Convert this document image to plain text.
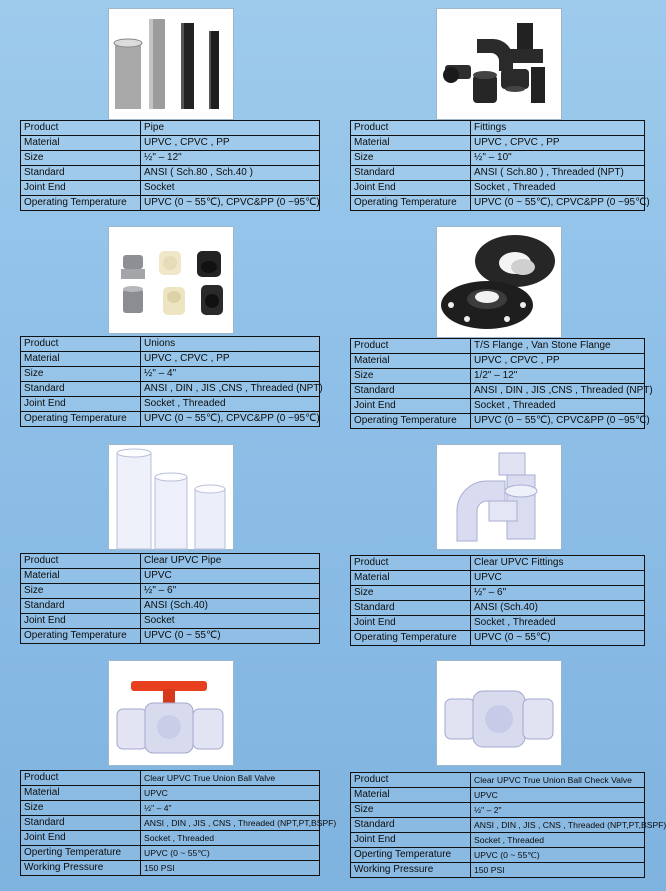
Product	Pipe
Material	UPVC , CPVC , PP
Size	½" – 12"
Standard	ANSI ( Sch.80 , Sch.40 )
Joint End	Socket
Operating Temperature	UPVC (0 ~ 55℃), CPVC&PP (0 ~95℃)
Product	Fittings
Material	UPVC , CPVC , PP
Size	½" – 10"
Standard	ANSI ( Sch.80 ) , Threaded (NPT)
Joint End	Socket , Threaded
Operating Temperature	UPVC (0 ~ 55℃), CPVC&PP (0 ~95℃)
Product	Unions
Material	UPVC , CPVC , PP
Size	½" – 4"
Standard	ANSI , DIN , JIS ,CNS , Threaded (NPT)
Joint End	Socket , Threaded
Operating Temperature	UPVC (0 ~ 55℃), CPVC&PP (0 ~95℃)
Product	T/S Flange , Van Stone Flange
Material	UPVC , CPVC , PP
Size	1/2" – 12"
Standard	ANSI , DIN , JIS ,CNS , Threaded (NPT)
Joint End	Socket , Threaded
Operating Temperature	UPVC (0 ~ 55℃), CPVC&PP (0 ~95℃)
Product	Clear UPVC Pipe
Material	UPVC
Size	½" – 6"
Standard	ANSI (Sch.40)
Joint End	Socket
Operating Temperature	UPVC (0 ~ 55℃)
Product	Clear UPVC Fittings
Material	UPVC
Size	½" – 6"
Standard	ANSI (Sch.40)
Joint End	Socket , Threaded
Operating Temperature	UPVC (0 ~ 55℃)
Product	Clear UPVC True Union Ball Valve
Material	UPVC
Size	½" – 4"
Standard	ANSI , DIN , JIS , CNS , Threaded (NPT,PT,BSPF)
Joint End	Socket , Threaded
Operting Temperature	UPVC (0 ~ 55℃)
Working Pressure	150 PSI
Product	Clear UPVC True Union Ball Check Valve
Material	UPVC
Size	½" – 2"
Standard	ANSI , DIN , JIS , CNS , Threaded (NPT,PT,BSPF)
Joint End	Socket , Threaded
Operting Temperature	UPVC (0 ~ 55℃)
Working Pressure	150 PSI
